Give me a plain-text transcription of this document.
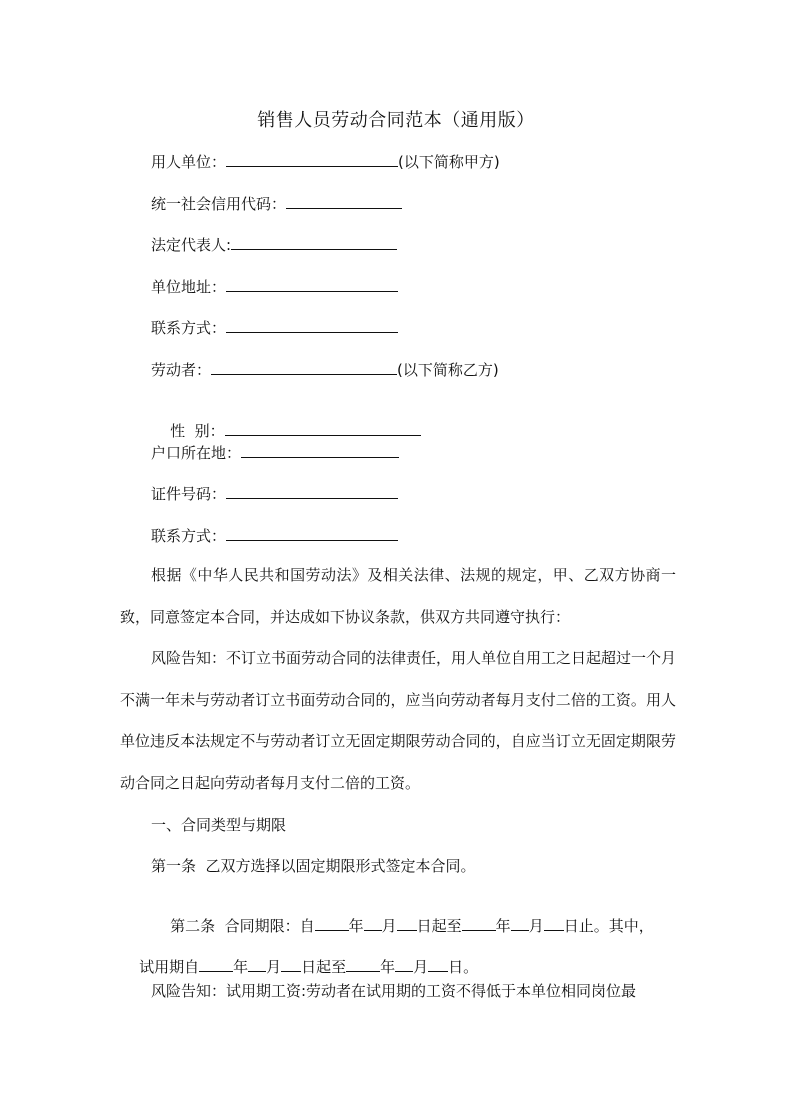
销售人员劳动合同范本（通用版）
用人单位：	(以下简称甲方)
统一社会信用代码：
法定代表人:
单位地址：
联系方式：
劳动者：	(以下简称乙方)

性  别：

户口所在地：
证件号码：
联系方式：
根据《中华人民共和国劳动法》及相关法律、法规的规定，甲、乙双方协商一致，同意签定本合同，并达成如下协议条款，供双方共同遵守执行：
风险告知：不订立书面劳动合同的法律责任，用人单位自用工之日起超过一个月不满一年未与劳动者订立书面劳动合同的，应当向劳动者每月支付二倍的工资。用人单位违反本法规定不与劳动者订立无固定期限劳动合同的，自应当订立无固定期限劳动合同之日起向劳动者每月支付二倍的工资。
一、合同类型与期限
第一条  乙双方选择以固定期限形式签定本合同。

第二条  合同期限：自 年 月 日起至 年 月 日止。其中，

试用期自 年 月 日起至 年 月 日。

风险告知：试用期工资:劳动者在试用期的工资不得低于本单位相同岗位最
